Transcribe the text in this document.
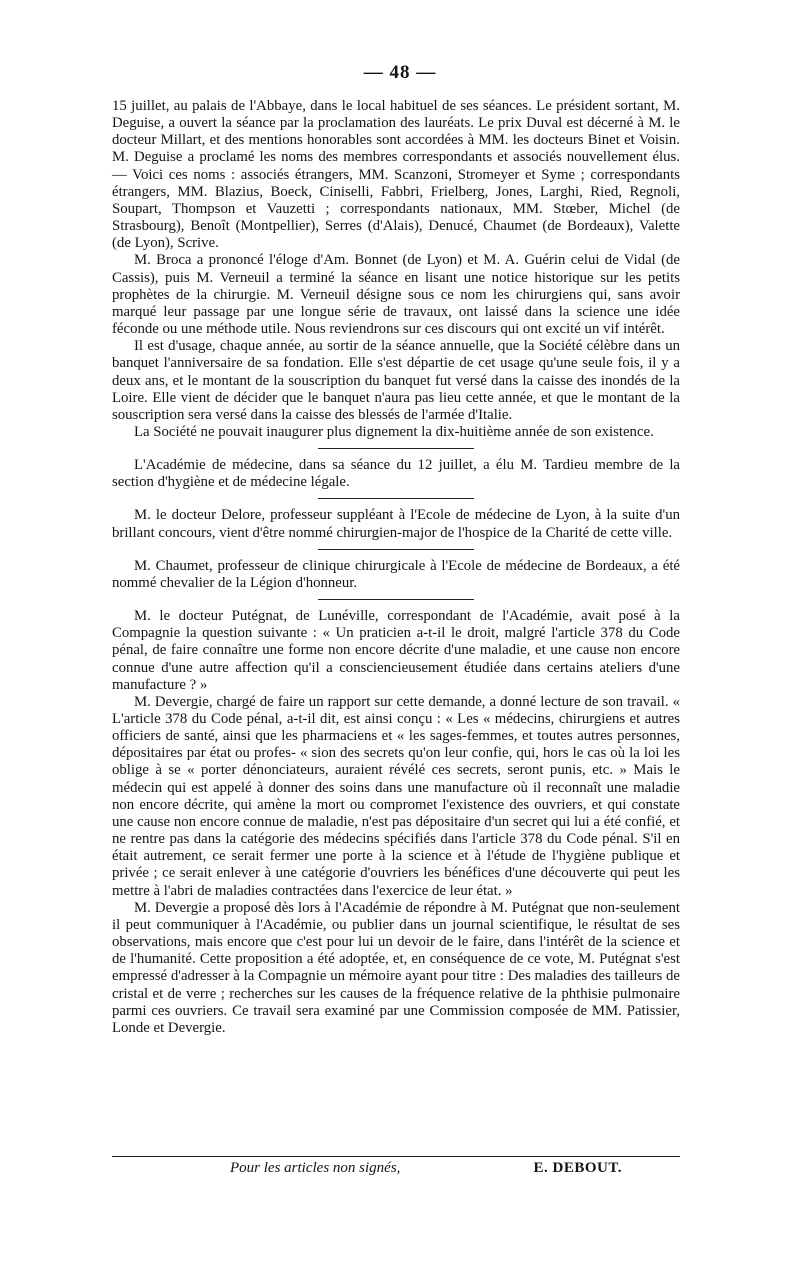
— 48 —

15 juillet, au palais de l'Abbaye, dans le local habituel de ses séances. Le président sortant, M. Deguise, a ouvert la séance par la proclamation des lauréats. Le prix Duval est décerné à M. le docteur Millart, et des mentions honorables sont accordées à MM. les docteurs Binet et Voisin. M. Deguise a proclamé les noms des membres correspondants et associés nouvellement élus. — Voici ces noms : associés étrangers, MM. Scanzoni, Stromeyer et Syme ; correspondants étrangers, MM. Blazius, Boeck, Ciniselli, Fabbri, Frielberg, Jones, Larghi, Ried, Regnoli, Soupart, Thompson et Vauzetti ; correspondants nationaux, MM. Stœber, Michel (de Strasbourg), Benoît (Montpellier), Serres (d'Alais), Denucé, Chaumet (de Bordeaux), Valette (de Lyon), Scrive.

M. Broca a prononcé l'éloge d'Am. Bonnet (de Lyon) et M. A. Guérin celui de Vidal (de Cassis), puis M. Verneuil a terminé la séance en lisant une notice historique sur les petits prophètes de la chirurgie. M. Verneuil désigne sous ce nom les chirurgiens qui, sans avoir marqué leur passage par une longue série de travaux, ont laissé dans la science une idée féconde ou une méthode utile. Nous reviendrons sur ces discours qui ont excité un vif intérêt.

Il est d'usage, chaque année, au sortir de la séance annuelle, que la Société célèbre dans un banquet l'anniversaire de sa fondation. Elle s'est départie de cet usage qu'une seule fois, il y a deux ans, et le montant de la souscription du banquet fut versé dans la caisse des inondés de la Loire. Elle vient de décider que le banquet n'aura pas lieu cette année, et que le montant de la souscription sera versé dans la caisse des blessés de l'armée d'Italie.

La Société ne pouvait inaugurer plus dignement la dix-huitième année de son existence.

L'Académie de médecine, dans sa séance du 12 juillet, a élu M. Tardieu membre de la section d'hygiène et de médecine légale.

M. le docteur Delore, professeur suppléant à l'Ecole de médecine de Lyon, à la suite d'un brillant concours, vient d'être nommé chirurgien-major de l'hospice de la Charité de cette ville.

M. Chaumet, professeur de clinique chirurgicale à l'Ecole de médecine de Bordeaux, a été nommé chevalier de la Légion d'honneur.

M. le docteur Putégnat, de Lunéville, correspondant de l'Académie, avait posé à la Compagnie la question suivante : « Un praticien a-t-il le droit, malgré l'article 378 du Code pénal, de faire connaître une forme non encore décrite d'une maladie, et une cause non encore connue d'une autre affection qu'il a consciencieusement étudiée dans certains ateliers d'une manufacture ? »

M. Devergie, chargé de faire un rapport sur cette demande, a donné lecture de son travail. « L'article 378 du Code pénal, a-t-il dit, est ainsi conçu : « Les « médecins, chirurgiens et autres officiers de santé, ainsi que les pharmaciens et « les sages-femmes, et toutes autres personnes, dépositaires par état ou profes- « sion des secrets qu'on leur confie, qui, hors le cas où la loi les oblige à se « porter dénonciateurs, auraient révélé ces secrets, seront punis, etc. » Mais le médecin qui est appelé à donner des soins dans une manufacture où il reconnaît une maladie non encore décrite, qui amène la mort ou compromet l'existence des ouvriers, et qui constate une cause non encore connue de maladie, n'est pas dépositaire d'un secret qui lui a été confié, et ne rentre pas dans la catégorie des médecins spécifiés dans l'article 378 du Code pénal. S'il en était autrement, ce serait fermer une porte à la science et à l'étude de l'hygiène publique et privée ; ce serait enlever à une catégorie d'ouvriers les bénéfices d'une découverte qui peut les mettre à l'abri de maladies contractées dans l'exercice de leur état. »

M. Devergie a proposé dès lors à l'Académie de répondre à M. Putégnat que non-seulement il peut communiquer à l'Académie, ou publier dans un journal scientifique, le résultat de ses observations, mais encore que c'est pour lui un devoir de le faire, dans l'intérêt de la science et de l'humanité. Cette proposition a été adoptée, et, en conséquence de ce vote, M. Putégnat s'est empressé d'adresser à la Compagnie un mémoire ayant pour titre : Des maladies des tailleurs de cristal et de verre ; recherches sur les causes de la fréquence relative de la phthisie pulmonaire parmi ces ouvriers. Ce travail sera examiné par une Commission composée de MM. Patissier, Londe et Devergie.

Pour les articles non signés,	E. DEBOUT.
